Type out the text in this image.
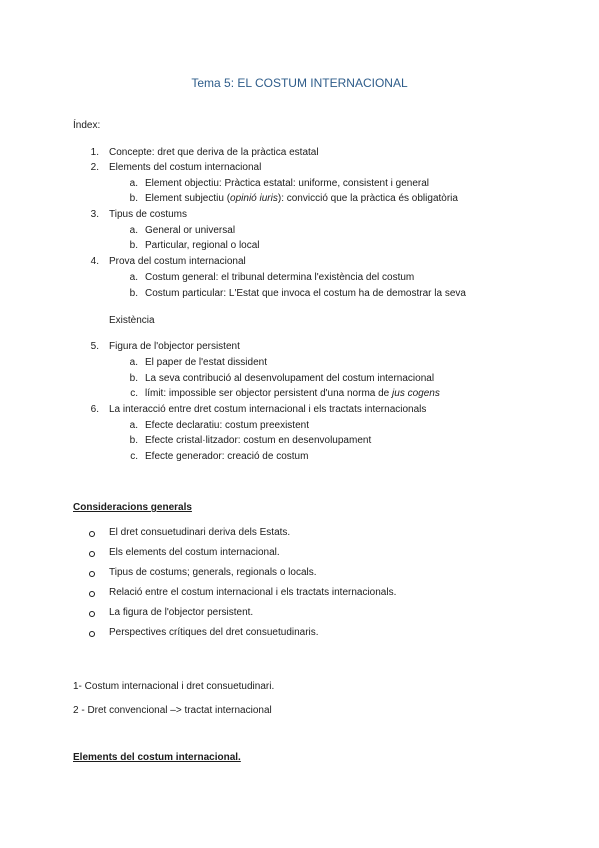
Tema 5: EL COSTUM INTERNACIONAL
Índex:
1. Concepte: dret que deriva de la pràctica estatal
2. Elements del costum internacional
a. Element objectiu: Pràctica estatal: uniforme, consistent i general
b. Element subjectiu (opinió iuris): convicció que la pràctica és obligatòria
3. Tipus de costums
a. General or universal
b. Particular, regional o local
4. Prova del costum internacional
a. Costum general: el tribunal determina l'existència del costum
b. Costum particular: L'Estat que invoca el costum ha de demostrar la seva
Existència
5. Figura de l'objector persistent
a. El paper de l'estat dissident
b. La seva contribució al desenvolupament del costum internacional
c. límit: impossible ser objector persistent d'una norma de jus cogens
6. La interacció entre dret costum internacional i els tractats internacionals
a. Efecte declaratiu: costum preexistent
b. Efecte cristal·litzador: costum en desenvolupament
c. Efecte generador: creació de costum
Consideracions generals
El dret consuetudinari deriva dels Estats.
Els elements del costum internacional.
Tipus de costums; generals, regionals o locals.
Relació entre el costum internacional i els tractats internacionals.
La figura de l'objector persistent.
Perspectives crítiques del dret consuetudinaris.
1- Costum internacional i dret consuetudinari.
2 - Dret convencional –> tractat internacional
Elements del costum internacional.
